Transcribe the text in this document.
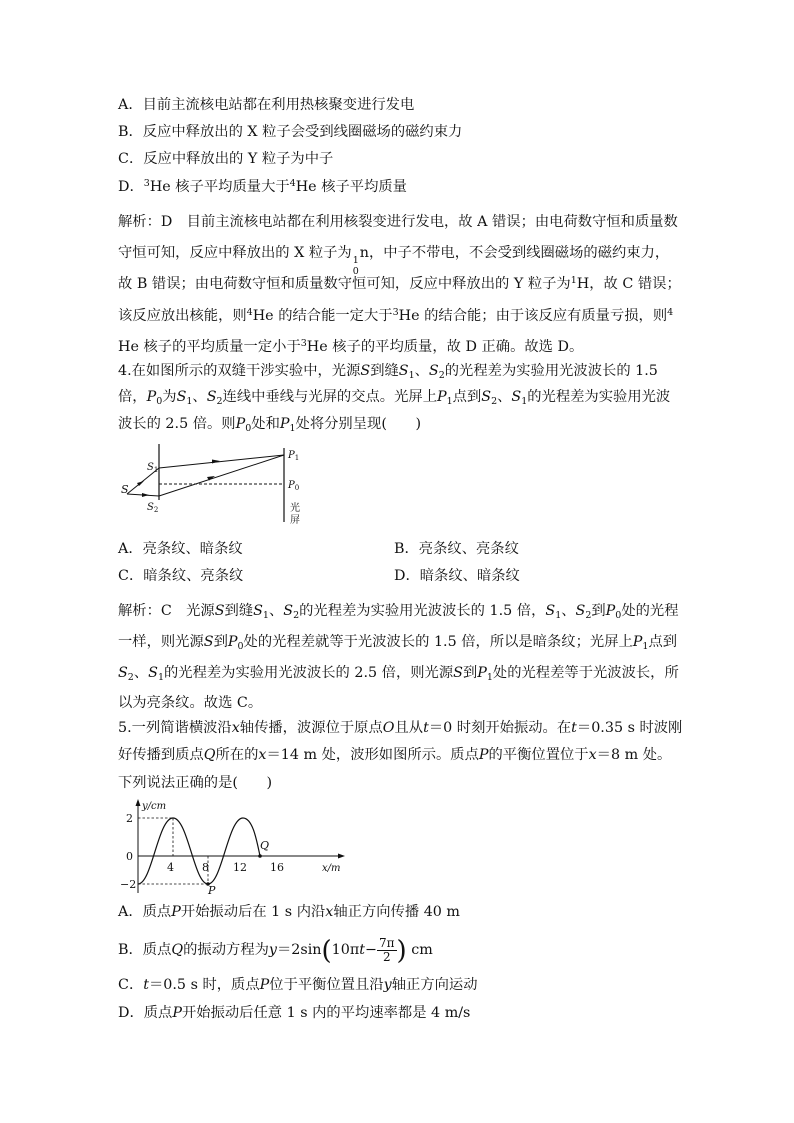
A．目前主流核电站都在利用热核聚变进行发电
B．反应中释放出的 X 粒子会受到线圈磁场的磁约束力
C．反应中释放出的 Y 粒子为中子
D．$^3$He 核子平均质量大于$^4$He 核子平均质量
解析：D　目前主流核电站都在利用核裂变进行发电，故 A 错误；由电荷数守恒和质量数
守恒可知，反应中释放出的 X 粒子为 1
0
n，中子不带电，不会受到线圈磁场的磁约束力，
故 B 错误；由电荷数守恒和质量数守恒可知，反应中释放出的 Y 粒子为$^1$H，故 C 错误；
该反应放出核能，则$^4$He 的结合能一定大于$^3$He 的结合能；由于该反应有质量亏损，则$^4$
He 核子的平均质量一定小于$^3$He 核子的平均质量，故 D 正确。故选 D。
4.在如图所示的双缝干涉实验中，光源S到缝$S_1$、$S_2$的光程差为实验用光波波长的 1.5
倍，$P_0$为$S_1$、$S_2$连线中垂线与光屏的交点。光屏上$P_1$点到$S_2$、$S_1$的光程差为实验用光波
波长的 2.5 倍。则$P_0$处和$P_1$处将分别呈现(　　)
$S_1$
S
$S_2$
$P_1$
$P_0$
光
屏
A．亮条纹、暗条纹	B．亮条纹、亮条纹
C．暗条纹、亮条纹	D．暗条纹、暗条纹
解析：C　光源S到缝$S_1$、$S_2$的光程差为实验用光波波长的 1.5 倍，$S_1$、$S_2$到$P_0$处的光程
一样，则光源S到$P_0$处的光程差就等于光波波长的 1.5 倍，所以是暗条纹；光屏上$P_1$点到
$S_2$、$S_1$的光程差为实验用光波波长的 2.5 倍，则光源S到$P_1$处的光程差等于光波波长，所
以为亮条纹。故选 C。
5.一列简谐横波沿x轴传播，波源位于原点O且从t＝0 时刻开始振动。在t＝0.35 s 时波刚
好传播到质点Q所在的x＝14 m 处，波形如图所示。质点P的平衡位置位于x＝8 m 处。
下列说法正确的是(　　)
y/cm
x/m
2
0
−2
4	8 12 16
Q
P
A．质点P开始振动后在 1 s 内沿x轴正方向传播 40 m
B．质点Q的振动方程为$y=2\sin(10\pi t- \frac{7\pi}{2}$ ) cm
C．t＝0.5 s 时，质点P位于平衡位置且沿y轴正方向运动
D．质点P开始振动后任意 1 s 内的平均速率都是 4 m/s
